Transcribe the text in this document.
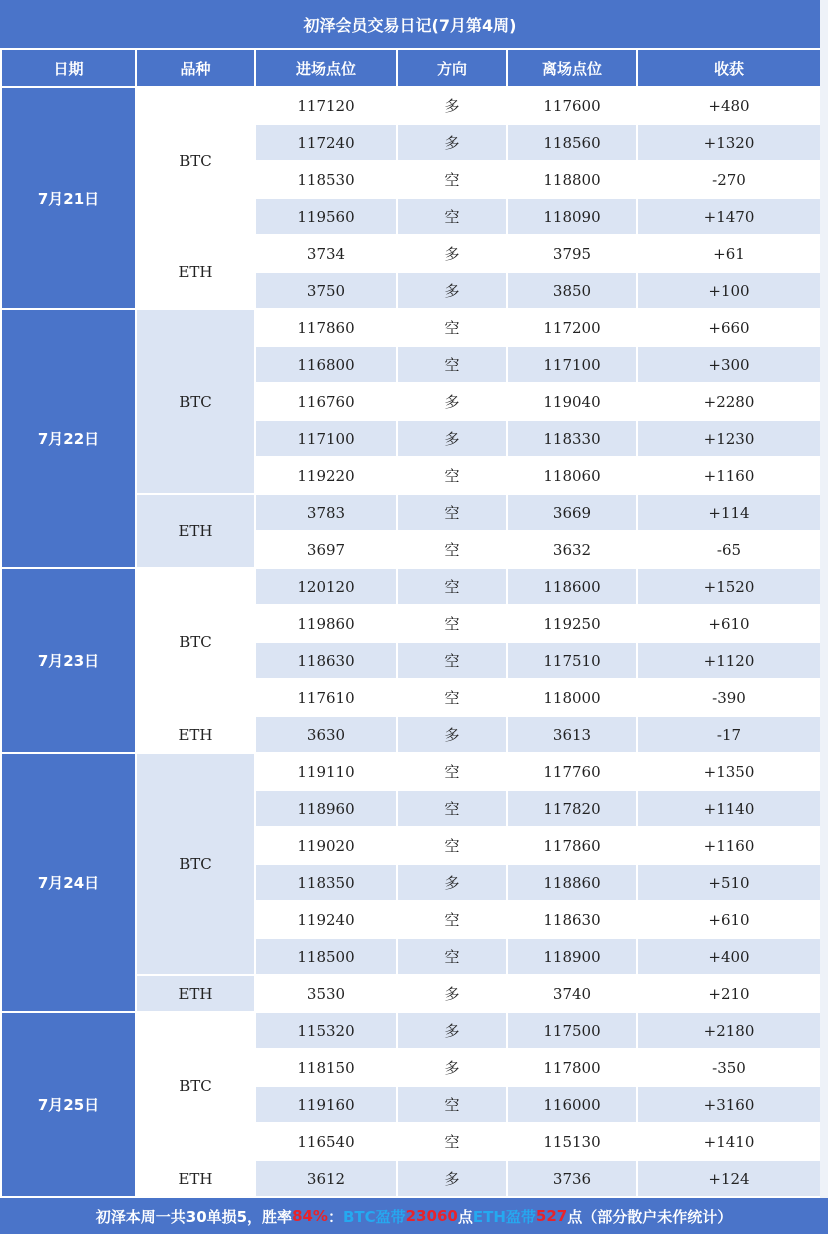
初泽会员交易日记(7月第4周)
日期	品种	进场点位	方向	离场点位	收获
7月21日	BTC	117120	多	117600	+480
		117240	多	118560	+1320
		118530	空	118800	-270
		119560	空	118090	+1470
	ETH	3734	多	3795	+61
		3750	多	3850	+100
7月22日	BTC	117860	空	117200	+660
		116800	空	117100	+300
		116760	多	119040	+2280
		117100	多	118330	+1230
		119220	空	118060	+1160
	ETH	3783	空	3669	+114
		3697	空	3632	-65
7月23日	BTC	120120	空	118600	+1520
		119860	空	119250	+610
		118630	空	117510	+1120
		117610	空	118000	-390
	ETH	3630	多	3613	-17
7月24日	BTC	119110	空	117760	+1350
		118960	空	117820	+1140
		119020	空	117860	+1160
		118350	多	118860	+510
		119240	空	118630	+610
		118500	空	118900	+400
	ETH	3530	多	3740	+210
7月25日	BTC	115320	多	117500	+2180
		118150	多	117800	-350
		119160	空	116000	+3160
		116540	空	115130	+1410
	ETH	3612	多	3736	+124
初泽本周一共30单损5，胜率 84% ： BTC盈带 23060 点 ETH盈带 527 点（部分散户未作统计）
